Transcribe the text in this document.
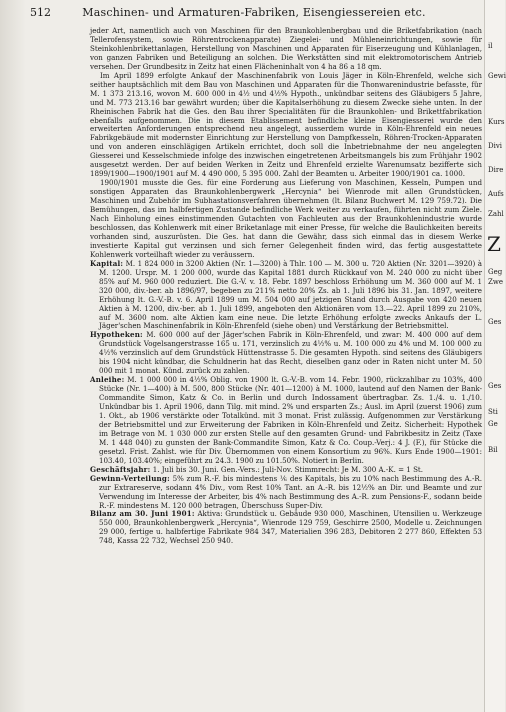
512	Maschinen- und Armaturen-Fabriken, Eisengiessereien etc.

jeder Art, namentlich auch von Maschinen für den Braunkohlenbergbau und die Briketfabrikation (nach Tellerofensystem, sowie Röhrentrockenapparate) Ziegelei- und Mühleneinrichtungen, sowie für Steinkohlenbrikettanlagen, Herstellung von Maschinen und Apparaten für Eiserzeugung und Kühlanlagen, von ganzen Fabriken und Beteiligung an solchen. Die Werkstätten sind mit elektromotorischem Antrieb versehen. Der Grundbesitz in Zeitz hat einen Flächeninhalt von 4 ha 86 a 18 qm.

Im April 1899 erfolgte Ankauf der Maschinenfabrik von Louis Jäger in Köln-Ehrenfeld, welche sich seither hauptsächlich mit dem Bau von Maschinen und Apparaten für die Thonwarenindustrie befasste, für M. 1 373 213.16, wovon M. 600 000 in 4½ und 4½% Hypoth., unkündbar seitens des Gläubigers 5 Jahre, und M. 773 213.16 bar gewährt wurden; über die Kapitalserhöhung zu diesem Zwecke siehe unten. In der Rheinischen Fabrik hat die Ges. den Bau ihrer Specialitäten für die Braunkohlen- und Brikettfabrikation ebenfalls aufgenommen. Die in diesem Etablissement befindliche kleine Eisengiesserei wurde den erweiterten Anforderungen entsprechend neu angelegt, ausserdem wurde in Köln-Ehrenfeld ein neues Fabrikgebäude mit modernster Einrichtung zur Herstellung von Dampfkesseln, Röhren-Trocken-Apparaten und von anderen einschlägigen Artikeln errichtet, doch soll die Inbetriebnahme der neu angelegten Giesserei und Kesselschmiede infolge des inzwischen eingetretenen Arbeitsmangels bis zum Frühjahr 1902 ausgesetzt werden. Der auf beiden Werken in Zeitz und Ehrenfeld erzielte Warenumsatz bezifferte sich 1899/1900—1900/1901 auf M. 4 490 000, 5 395 000. Zahl der Beamten u. Arbeiter 1900/1901 ca. 1000.

1900/1901 musste die Ges. für eine Forderung aus Lieferung von Maschinen, Kesseln, Pumpen und sonstigen Apparaten das Braunkohlenbergwerk „Hercynia“ bei Wienrode mit allen Grundstücken, Maschinen und Zubehör im Subhastationsverfahren übernehmen (lt. Bilanz Buchwert M. 129 759.72). Die Bemühungen, das im halbfertigen Zustande befindliche Werk weiter zu verkaufen, führten nicht zum Ziele. Nach Einholung eines einstimmenden Gutachten von Fachleuten aus der Braunkohlenindustrie wurde beschlossen, das Kohlenwerk mit einer Briketanlage mit einer Presse, für welche die Baulichkeiten bereits vorhanden sind, auszurüsten. Die Ges. hat dann die Gewähr, dass sich einmal das in diesem Werke investierte Kapital gut verzinsen und sich ferner Gelegenheit finden wird, das fertig ausgestattete Kohlenwerk vorteilhaft wieder zu veräussern.

Kapital: M. 1 824 000 in 3200 Aktien (Nr. 1—3200) à Thlr. 100 — M. 300 u. 720 Aktien (Nr. 3201—3920) à M. 1200. Urspr. M. 1 200 000, wurde das Kapital 1881 durch Rückkauf von M. 240 000 zu nicht über 85% auf M. 960 000 reduziert. Die G.-V. v. 18. Febr. 1897 beschloss Erhöhung um M. 360 000 auf M. 1 320 000, div.-ber. ab 1896/97, begeben zu 211% netto 20% Zs. ab 1. Juli 1896 bis 31. Jan. 1897, weitere Erhöhung lt. G.-V.-B. v. 6. April 1899 um M. 504 000 auf jetzigen Stand durch Ausgabe von 420 neuen Aktien à M. 1200, div.-ber. ab 1. Juli 1899, angeboten den Aktionären vom 13.—22. April 1899 zu 210%, auf M. 3600 nom. alte Aktien kam eine neue. Die letzte Erhöhung erfolgte zwecks Ankaufs der L. Jäger'schen Maschinenfabrik in Köln-Ehrenfeld (siehe oben) und Verstärkung der Betriebsmittel.

Hypotheken: M. 600 000 auf der Jäger'schen Fabrik in Köln-Ehrenfeld, und zwar: M. 400 000 auf dem Grundstück Vogelsangerstrasse 165 u. 171, verzinslich zu 4½% u. M. 100 000 zu 4% und M. 100 000 zu 4½% verzinslich auf dem Grundstück Hüttenstrasse 5. Die gesamten Hypoth. sind seitens des Gläubigers bis 1904 nicht kündbar, die Schuldnerin hat das Recht, dieselben ganz oder in Raten nicht unter M. 50 000 mit 1 monat. Künd. zurück zu zahlen.

Anleihe: M. 1 000 000 in 4½% Oblig. von 1900 lt. G.-V.-B. vom 14. Febr. 1900, rückzahlbar zu 103%, 400 Stücke (Nr. 1—400) à M. 500, 800 Stücke (Nr. 401—1200) à M. 1000, lautend auf den Namen der Bank-Commandite Simon, Katz & Co. in Berlin und durch Indossament übertragbar. Zs. 1./4. u. 1./10. Unkündbar bis 1. April 1906, dann Tilg. mit mind. 2% und ersparten Zs.; Ausl. im April (zuerst 1906) zum 1. Okt., ab 1906 verstärkte oder Totalkünd. mit 3 monat. Frist zulässig. Aufgenommen zur Verstärkung der Betriebsmittel und zur Erweiterung der Fabriken in Köln-Ehrenfeld und Zeitz. Sicherheit: Hypothek im Betrage von M. 1 030 000 zur ersten Stelle auf den gesamten Grund- und Fabrikbesitz in Zeitz (Taxe M. 1 448 040) zu gunsten der Bank-Commandite Simon, Katz & Co. Coup.-Verj.: 4 J. (F.), für Stücke die gesetzl. Frist. Zahlst. wie für Div. Übernommen von einem Konsortium zu 96%. Kurs Ende 1900—1901: 103.40, 103.40%; eingeführt zu 24.3. 1900 zu 101.50%. Notiert in Berlin.

Geschäftsjahr: 1. Juli bis 30. Juni. Gen.-Vers.: Juli-Nov. Stimmrecht: Je M. 300 A.-K. = 1 St.

Gewinn-Verteilung: 5% zum R.-F. bis mindestens ⅙ des Kapitals, bis zu 10% nach Bestimmung des A.-R. zur Extrareserve, sodann 4% Div., vom Rest 10% Tant. an A.-R. bis 12½% an Dir. und Beamte und zur Verwendung im Interesse der Arbeiter, bis 4% nach Bestimmung des A.-R. zum Pensions-F., sodann beide R.-F. mindestens M. 120 000 betragen, Überschuss Super-Div.

Bilanz am 30. Juni 1901: Aktiva: Grundstück u. Gebäude 930 000, Maschinen, Utensilien u. Werkzeuge 550 000, Braunkohlenbergwerk „Hercynia“, Wienrode 129 759, Geschirre 2500, Modelle u. Zeichnungen 29 000, fertige u. halbfertige Fabrikate 984 347, Materialien 396 283, Debitoren 2 277 860, Effekten 53 748, Kassa 22 732, Wechsel 250 940.

il
Gewi
Kurs
Divi
Dire
Aufs
Zahl
Z
Geg
Zwe
Ges
Ges
Sti
Ge
Bil
